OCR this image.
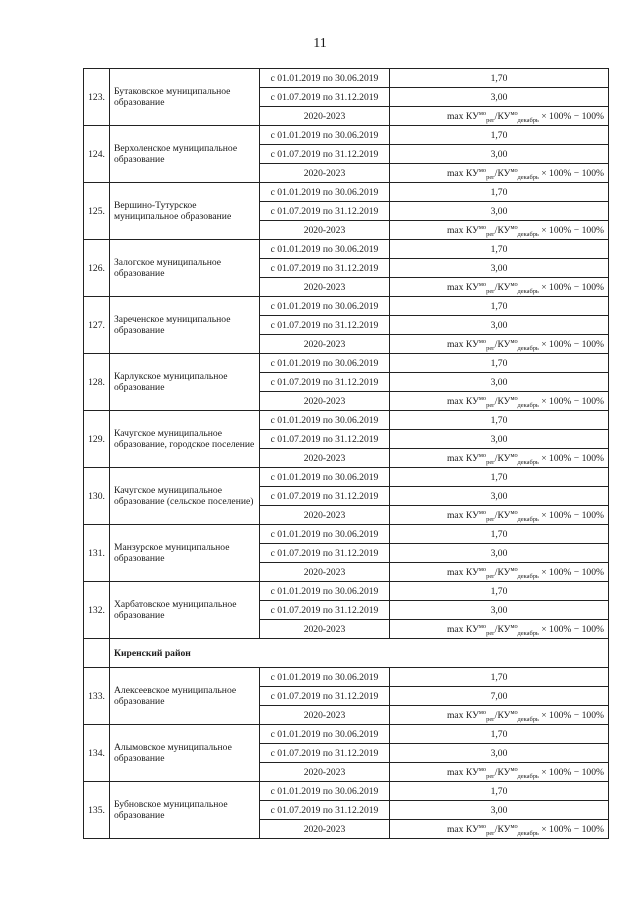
11
123.	Бутаковское муниципальное образование	с 01.01.2019 по 30.06.2019	1,70
		с 01.07.2019 по 31.12.2019	3,00
		2020-2023	$\max КУ^{мо}_{рег}/КУ^{мо}_{декабрь} \times 100\% - 100\%$
124.	Верхоленское муниципальное образование	с 01.01.2019 по 30.06.2019	1,70
		с 01.07.2019 по 31.12.2019	3,00
		2020-2023	$\max КУ^{мо}_{рег}/КУ^{мо}_{декабрь} \times 100\% - 100\%$
125.	Вершино-Тутурское муниципальное образование	с 01.01.2019 по 30.06.2019	1,70
		с 01.07.2019 по 31.12.2019	3,00
		2020-2023	$\max КУ^{мо}_{рег}/КУ^{мо}_{декабрь} \times 100\% - 100\%$
126.	Залогское муниципальное образование	с 01.01.2019 по 30.06.2019	1,70
		с 01.07.2019 по 31.12.2019	3,00
		2020-2023	$\max КУ^{мо}_{рег}/КУ^{мо}_{декабрь} \times 100\% - 100\%$
127.	Зареченское муниципальное образование	с 01.01.2019 по 30.06.2019	1,70
		с 01.07.2019 по 31.12.2019	3,00
		2020-2023	$\max КУ^{мо}_{рег}/КУ^{мо}_{декабрь} \times 100\% - 100\%$
128.	Карлукское муниципальное образование	с 01.01.2019 по 30.06.2019	1,70
		с 01.07.2019 по 31.12.2019	3,00
		2020-2023	$\max КУ^{мо}_{рег}/КУ^{мо}_{декабрь} \times 100\% - 100\%$
129.	Качугское муниципальное образование, городское поселение	с 01.01.2019 по 30.06.2019	1,70
		с 01.07.2019 по 31.12.2019	3,00
		2020-2023	$\max КУ^{мо}_{рег}/КУ^{мо}_{декабрь} \times 100\% - 100\%$
130.	Качугское муниципальное образование (сельское поселение)	с 01.01.2019 по 30.06.2019	1,70
		с 01.07.2019 по 31.12.2019	3,00
		2020-2023	$\max КУ^{мо}_{рег}/КУ^{мо}_{декабрь} \times 100\% - 100\%$
131.	Манзурское муниципальное образование	с 01.01.2019 по 30.06.2019	1,70
		с 01.07.2019 по 31.12.2019	3,00
		2020-2023	$\max КУ^{мо}_{рег}/КУ^{мо}_{декабрь} \times 100\% - 100\%$
132.	Харбатовское муниципальное образование	с 01.01.2019 по 30.06.2019	1,70
		с 01.07.2019 по 31.12.2019	3,00
		2020-2023	$\max КУ^{мо}_{рег}/КУ^{мо}_{декабрь} \times 100\% - 100\%$
	Киренский район		
133.	Алексеевское муниципальное образование	с 01.01.2019 по 30.06.2019	1,70
		с 01.07.2019 по 31.12.2019	7,00
		2020-2023	$\max КУ^{мо}_{рег}/КУ^{мо}_{декабрь} \times 100\% - 100\%$
134.	Алымовское муниципальное образование	с 01.01.2019 по 30.06.2019	1,70
		с 01.07.2019 по 31.12.2019	3,00
		2020-2023	$\max КУ^{мо}_{рег}/КУ^{мо}_{декабрь} \times 100\% - 100\%$
135.	Бубновское муниципальное образование	с 01.01.2019 по 30.06.2019	1,70
		с 01.07.2019 по 31.12.2019	3,00
		2020-2023	$\max КУ^{мо}_{рег}/КУ^{мо}_{декабрь} \times 100\% - 100\%$
